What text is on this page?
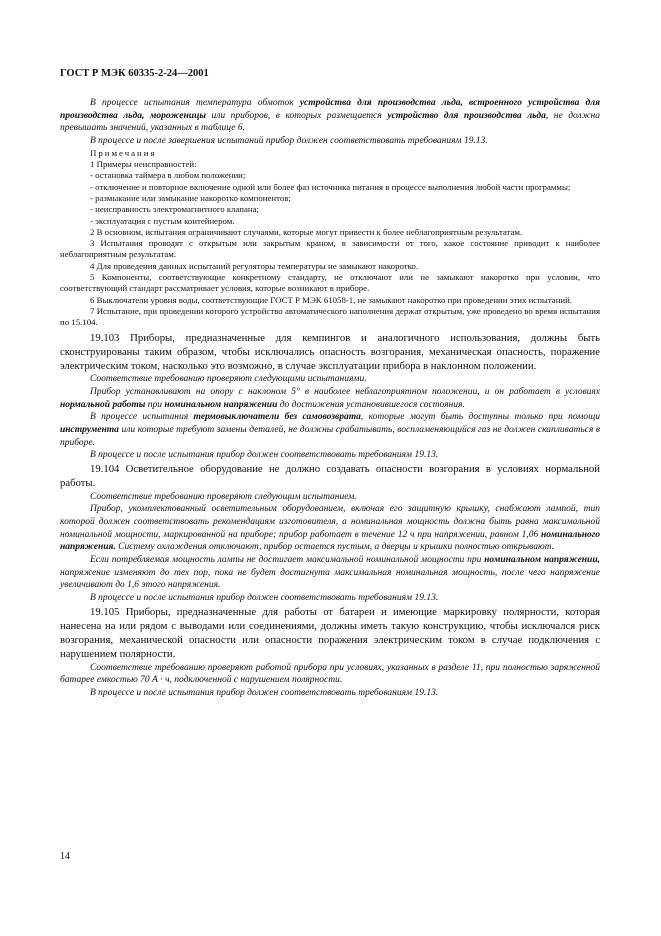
ГОСТ Р МЭК 60335-2-24—2001

В процессе испытания температура обмоток устройства для производства льда, встроенного устройства для производства льда, мороженицы или приборов, в которых размещается устройство для производства льда, не должна превышать значений, указанных в таблице 6.

В процессе и после завершения испытаний прибор должен соответствовать требованиям 19.13.

Примечания

1 Примеры неисправностей:

- остановка таймера в любом положении;

- отключение и повторное включение одной или более фаз источника питания в процессе выполнения любой части программы;

- размыкание или замыкание накоротко компонентов;

- неисправность электромагнитного клапана;

- эксплуатация с пустым контейнером.

2 В основном, испытания ограничивают случаями, которые могут привести к более неблагоприятным результатам.

3 Испытания проводят с открытым или закрытым краном, в зависимости от того, какое состояние приводит к наиболее неблагоприятным результатам.

4 Для проведения данных испытаний регуляторы температуры не замыкают накоротко.

5 Компоненты, соответствующие конкретному стандарту, не отключают или не замыкают накоротко при условии, что соответствующий стандарт рассматривает условия, которые возникают в приборе.

6 Выключатели уровня воды, соответствующие ГОСТ Р МЭК 61058-1, не замыкают накоротко при проведении этих испытаний.

7 Испытание, при проведении которого устройство автоматического наполнения держат открытым, уже проведено во время испытания по 15.104.

19.103 Приборы, предназначенные для кемпингов и аналогичного использования, должны быть сконструированы таким образом, чтобы исключались опасность возгорания, механическая опасность, поражение электрическим током, насколько это возможно, в случае эксплуатации прибора в наклонном положении.

Соответствие требованию проверяют следующими испытаниями.

Прибор устанавливают на опору с наклоном 5° в наиболее неблагоприятном положении, и он работает в условиях нормальной работы при номинальном напряжении до достижения установившегося состояния.

В процессе испытания термовыключатели без самовозврата, которые могут быть доступны только при помощи инструмента или которые требуют замены деталей, не должны срабатывать, воспламеняющийся газ не должен скапливаться в приборе.

В процессе и после испытания прибор должен соответствовать требованиям 19.13.

19.104 Осветительное оборудование не должно создавать опасности возгорания в условиях нормальной работы.

Соответствие требованию проверяют следующим испытанием.

Прибор, укомплектованный осветительным оборудованием, включая его защитную крышку, снабжают лампой, тип которой должен соответствовать рекомендациям изготовителя, а номинальная мощность должна быть равна максимальной номинальной мощности, маркированной на приборе; прибор работает в течение 12 ч при напряжении, равном 1,06 номинального напряжения. Систему охлаждения отключают, прибор остается пустым, а дверцы и крышки полностью открывают.

Если потребляемая мощность лампы не достигает максимальной номинальной мощности при номинальном напряжении, напряжение изменяют до тех пор, пока не будет достигнута максимальная номинальная мощность, после чего напряжение увеличивают до 1,6 этого напряжения.

В процессе и после испытания прибор должен соответствовать требованиям 19.13.

19.105 Приборы, предназначенные для работы от батареи и имеющие маркировку полярности, которая нанесена на или рядом с выводами или соединениями, должны иметь такую конструкцию, чтобы исключался риск возгорания, механической опасности или опасности поражения электрическим током в случае подключения с нарушением полярности.

Соответствие требованию проверяют работой прибора при условиях, указанных в разделе 11, при полностью заряженной батарее емкостью 70 А · ч, подключенной с нарушением полярности.

В процессе и после испытания прибор должен соответствовать требованиям 19.13.

14
